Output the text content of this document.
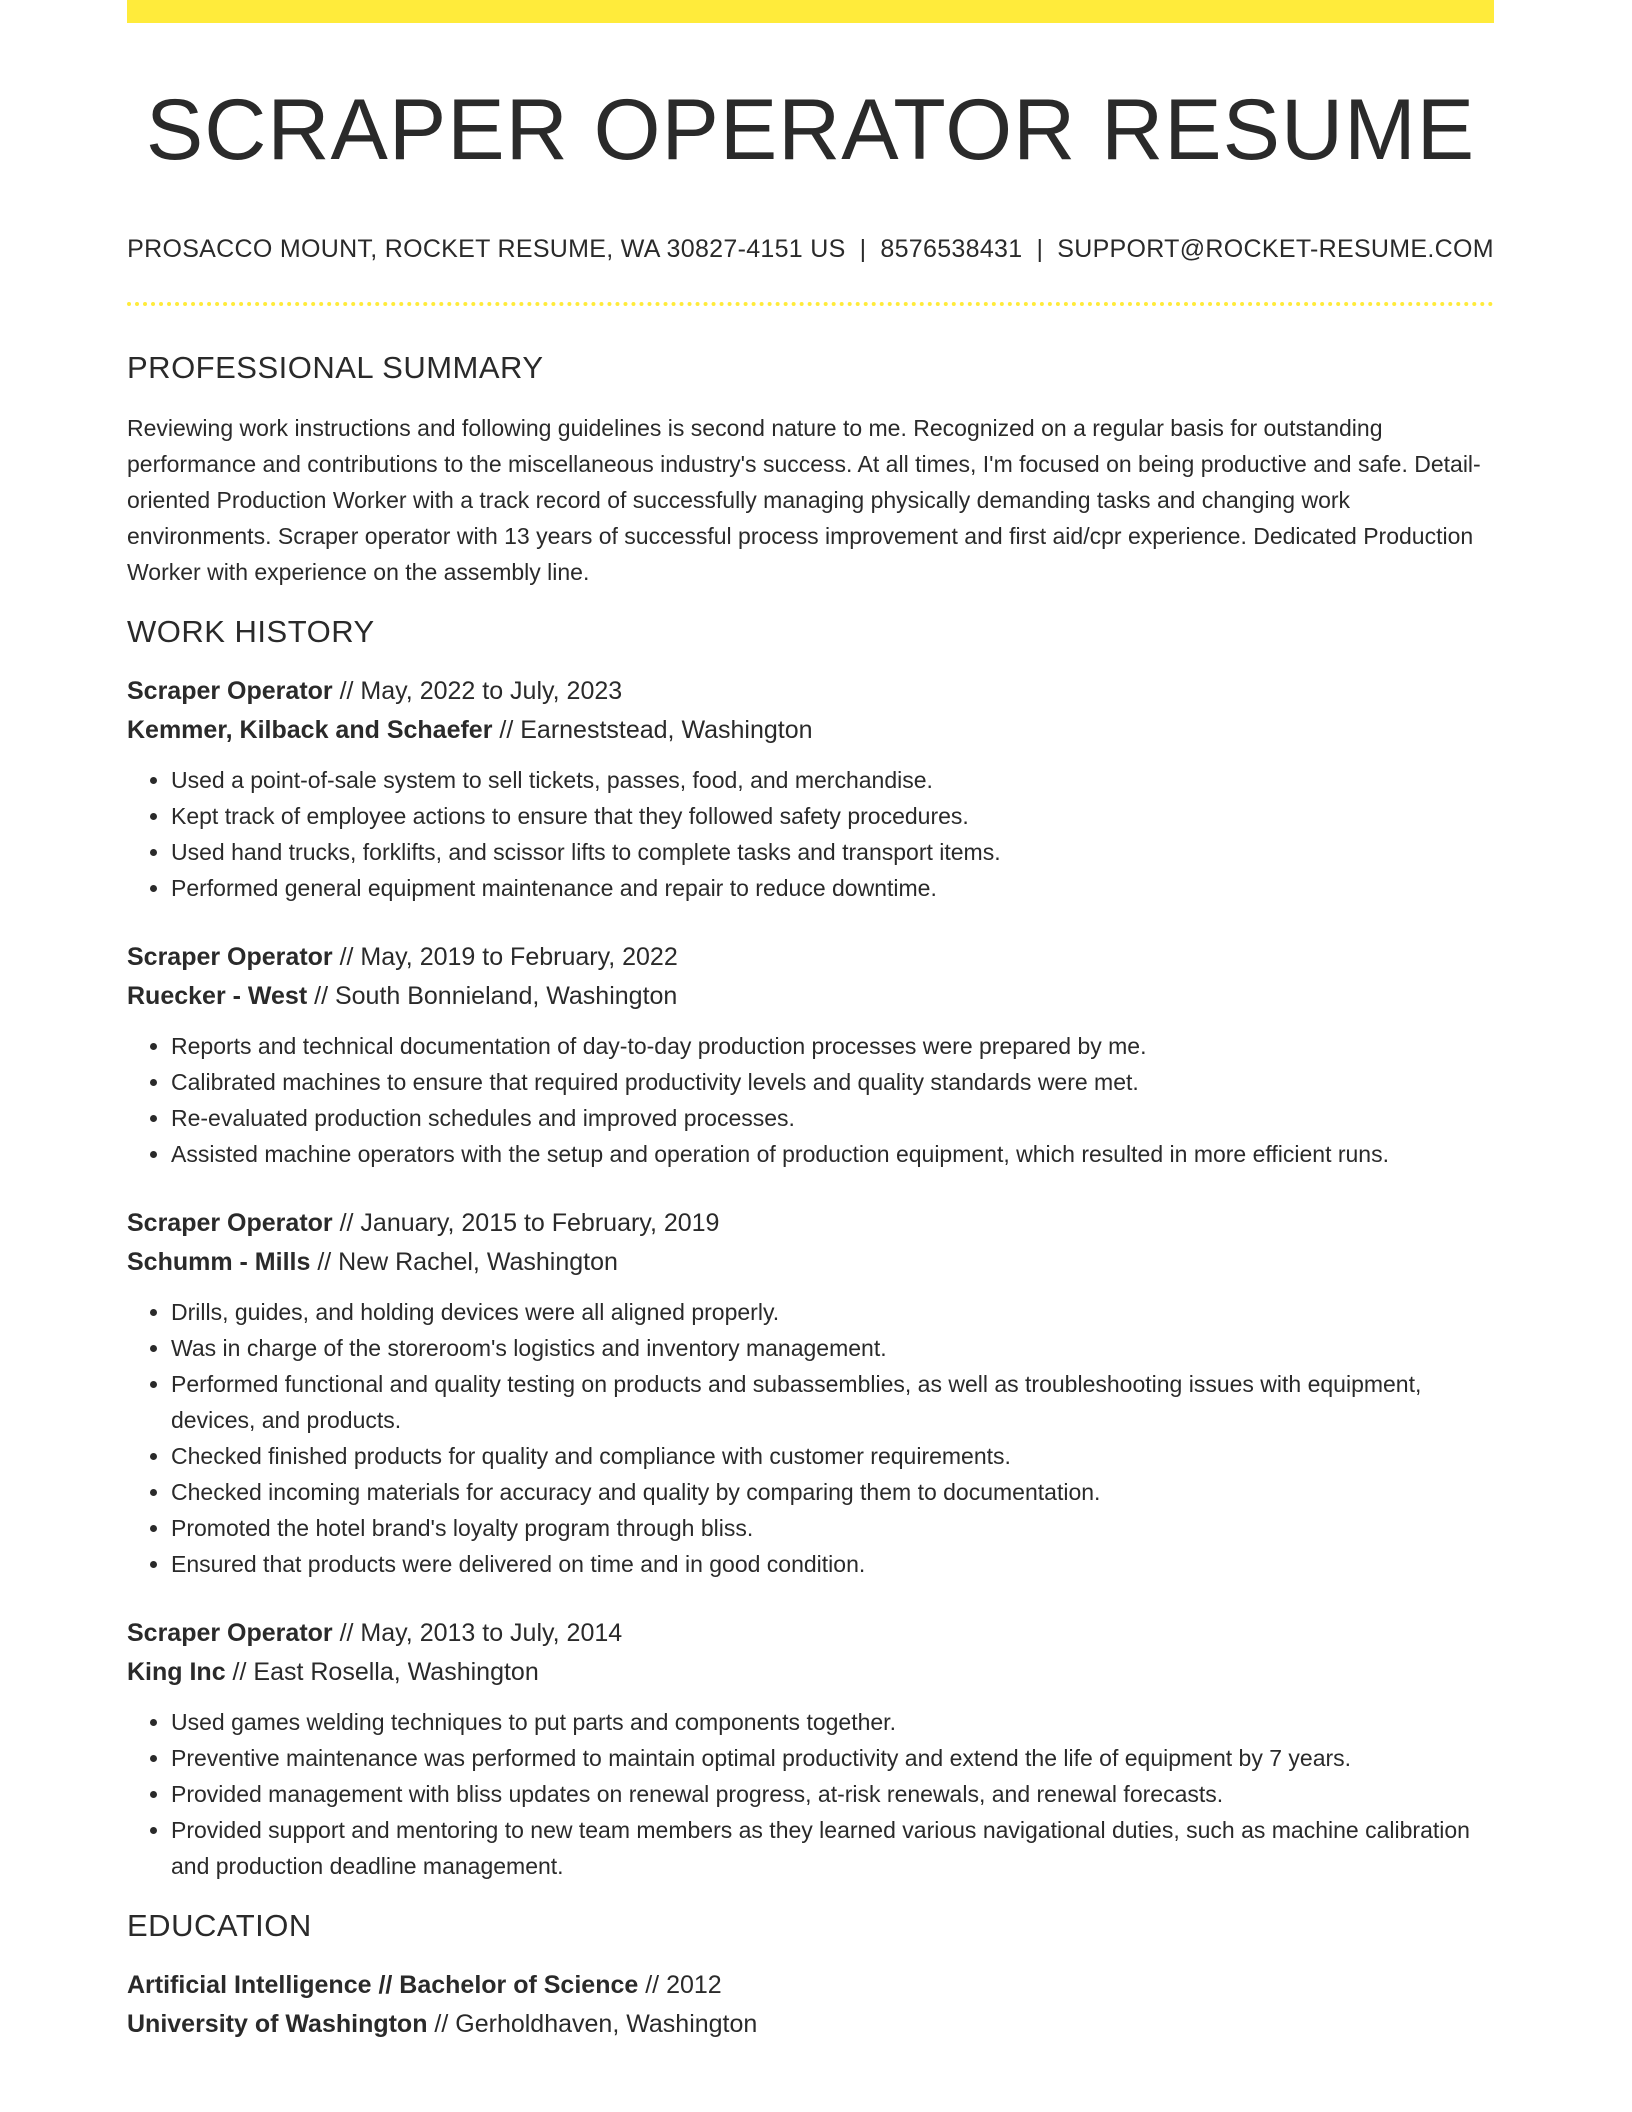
SCRAPER OPERATOR RESUME
PROSACCO MOUNT, ROCKET RESUME, WA 30827-4151 US | 8576538431 | SUPPORT@ROCKET-RESUME.COM
PROFESSIONAL SUMMARY
Reviewing work instructions and following guidelines is second nature to me. Recognized on a regular basis for outstanding performance and contributions to the miscellaneous industry's success. At all times, I'm focused on being productive and safe. Detail-oriented Production Worker with a track record of successfully managing physically demanding tasks and changing work environments. Scraper operator with 13 years of successful process improvement and first aid/cpr experience. Dedicated Production Worker with experience on the assembly line.
WORK HISTORY
Scraper Operator // May, 2022 to July, 2023
Kemmer, Kilback and Schaefer // Earneststead, Washington
• Used a point-of-sale system to sell tickets, passes, food, and merchandise.
• Kept track of employee actions to ensure that they followed safety procedures.
• Used hand trucks, forklifts, and scissor lifts to complete tasks and transport items.
• Performed general equipment maintenance and repair to reduce downtime.
Scraper Operator // May, 2019 to February, 2022
Ruecker - West // South Bonnieland, Washington
• Reports and technical documentation of day-to-day production processes were prepared by me.
• Calibrated machines to ensure that required productivity levels and quality standards were met.
• Re-evaluated production schedules and improved processes.
• Assisted machine operators with the setup and operation of production equipment, which resulted in more efficient runs.
Scraper Operator // January, 2015 to February, 2019
Schumm - Mills // New Rachel, Washington
• Drills, guides, and holding devices were all aligned properly.
• Was in charge of the storeroom's logistics and inventory management.
• Performed functional and quality testing on products and subassemblies, as well as troubleshooting issues with equipment, devices, and products.
• Checked finished products for quality and compliance with customer requirements.
• Checked incoming materials for accuracy and quality by comparing them to documentation.
• Promoted the hotel brand's loyalty program through bliss.
• Ensured that products were delivered on time and in good condition.
Scraper Operator // May, 2013 to July, 2014
King Inc // East Rosella, Washington
• Used games welding techniques to put parts and components together.
• Preventive maintenance was performed to maintain optimal productivity and extend the life of equipment by 7 years.
• Provided management with bliss updates on renewal progress, at-risk renewals, and renewal forecasts.
• Provided support and mentoring to new team members as they learned various navigational duties, such as machine calibration and production deadline management.
EDUCATION
Artificial Intelligence // Bachelor of Science // 2012
University of Washington // Gerholdhaven, Washington
